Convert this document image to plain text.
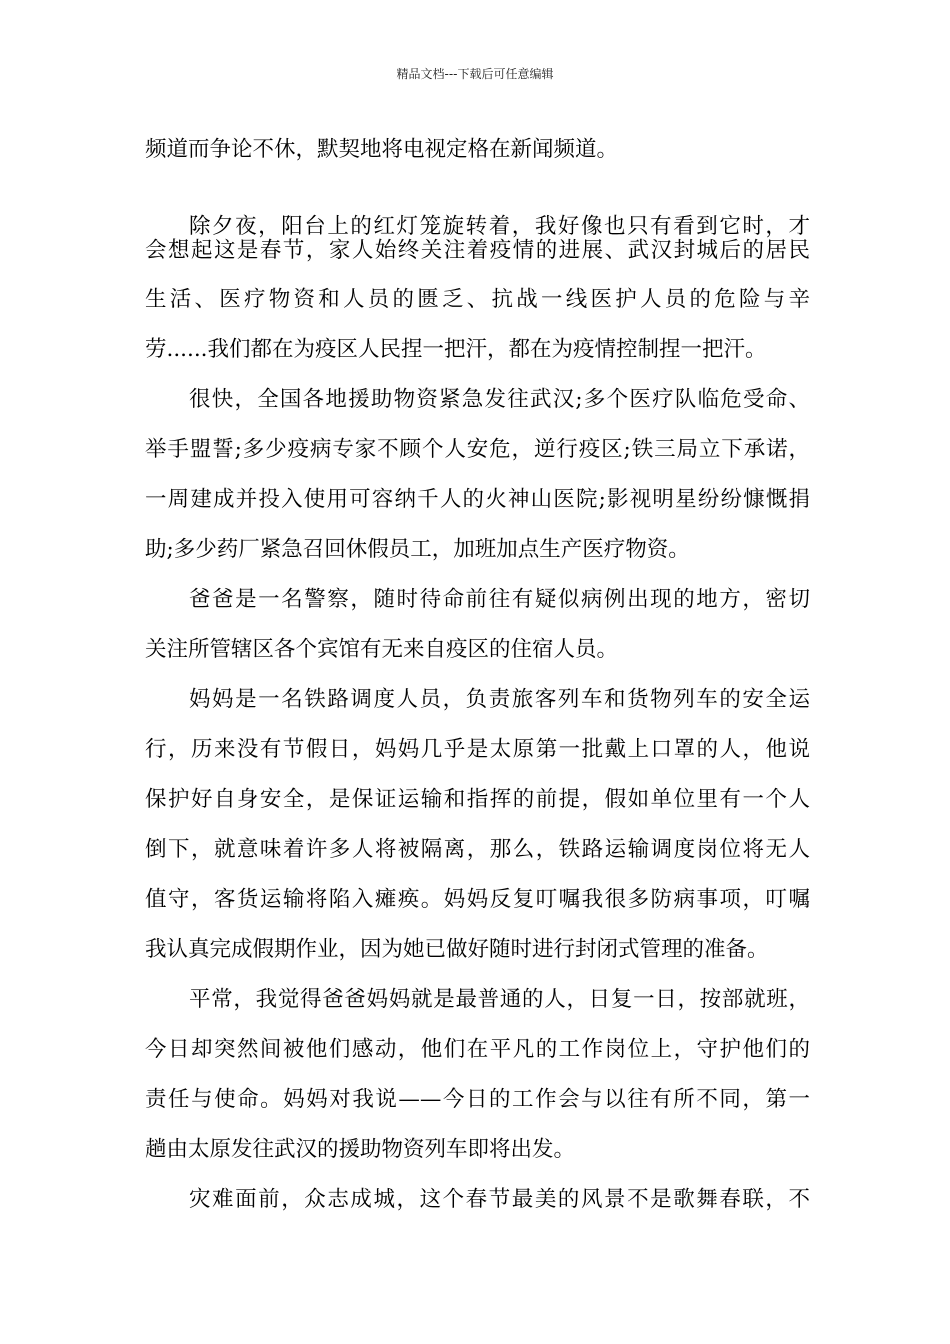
精品文档---下载后可任意编辑
频道而争论不休，默契地将电视定格在新闻频道。
除夕夜，阳台上的红灯笼旋转着，我好像也只有看到它时，才
会想起这是春节，家人始终关注着疫情的进展、武汉封城后的居民
生活、医疗物资和人员的匮乏、抗战一线医护人员的危险与辛
劳......我们都在为疫区人民捏一把汗，都在为疫情控制捏一把汗。
很快，全国各地援助物资紧急发往武汉;多个医疗队临危受命、
举手盟誓;多少疫病专家不顾个人安危，逆行疫区;铁三局立下承诺，
一周建成并投入使用可容纳千人的火神山医院;影视明星纷纷慷慨捐
助;多少药厂紧急召回休假员工，加班加点生产医疗物资。
爸爸是一名警察，随时待命前往有疑似病例出现的地方，密切
关注所管辖区各个宾馆有无来自疫区的住宿人员。
妈妈是一名铁路调度人员，负责旅客列车和货物列车的安全运
行，历来没有节假日，妈妈几乎是太原第一批戴上口罩的人，他说
保护好自身安全，是保证运输和指挥的前提，假如单位里有一个人
倒下，就意味着许多人将被隔离，那么，铁路运输调度岗位将无人
值守，客货运输将陷入瘫痪。妈妈反复叮嘱我很多防病事项，叮嘱
我认真完成假期作业，因为她已做好随时进行封闭式管理的准备。
平常，我觉得爸爸妈妈就是最普通的人，日复一日，按部就班，
今日却突然间被他们感动，他们在平凡的工作岗位上，守护他们的
责任与使命。妈妈对我说——今日的工作会与以往有所不同，第一
趟由太原发往武汉的援助物资列车即将出发。
灾难面前，众志成城，这个春节最美的风景不是歌舞春联，不
